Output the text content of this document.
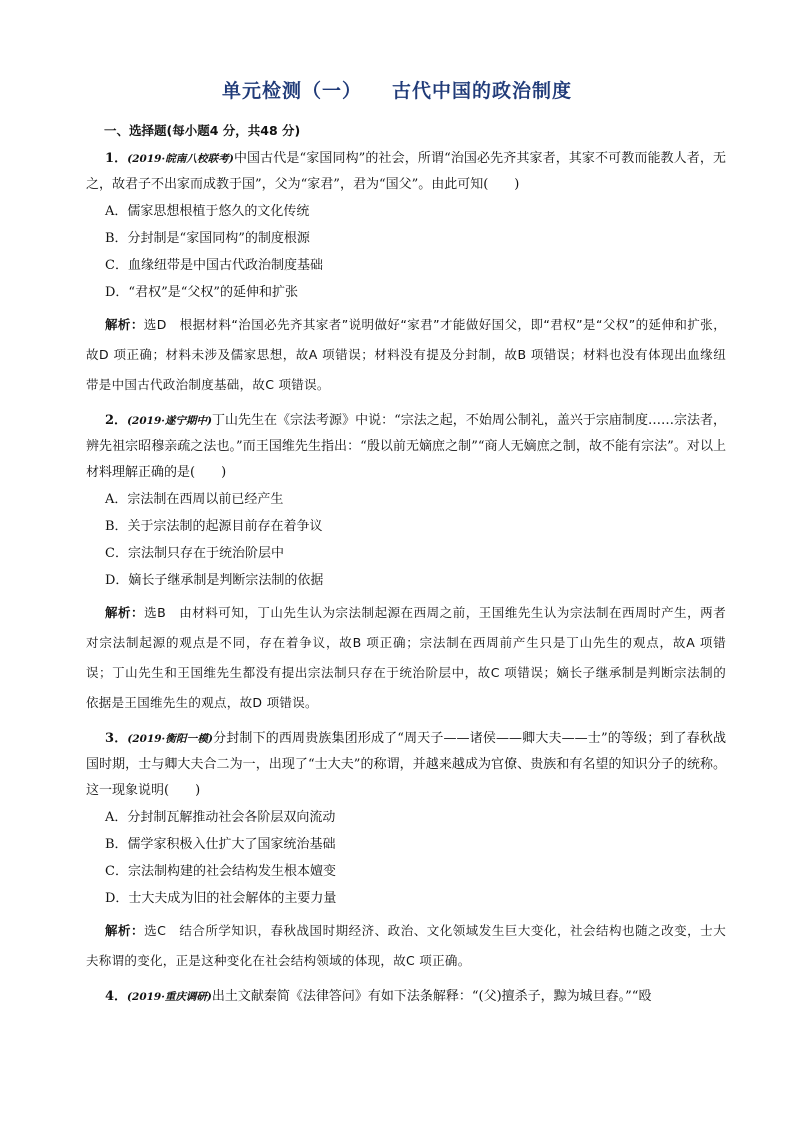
单元检测（一） 古代中国的政治制度
一、选择题(每小题4 分，共48 分)

1．(2019·皖南八校联考)中国古代是“家国同构”的社会，所谓“治国必先齐其家者，其家不可教而能教人者，无之，故君子不出家而成教于国”，父为“家君”，君为“国父”。由此可知(　　)

A．儒家思想根植于悠久的文化传统

B．分封制是“家国同构”的制度根源

C．血缘纽带是中国古代政治制度基础

D．“君权”是“父权”的延伸和扩张

解析：选D　根据材料“治国必先齐其家者”说明做好“家君”才能做好国父，即“君权”是“父权”的延伸和扩张，故D 项正确；材料未涉及儒家思想，故A 项错误；材料没有提及分封制，故B 项错误；材料也没有体现出血缘纽带是中国古代政治制度基础，故C 项错误。

2．(2019·遂宁期中)丁山先生在《宗法考源》中说：“宗法之起，不始周公制礼，盖兴于宗庙制度……宗法者，辨先祖宗昭穆亲疏之法也。”而王国维先生指出：“殷以前无嫡庶之制”“商人无嫡庶之制，故不能有宗法”。对以上材料理解正确的是(　　)

A．宗法制在西周以前已经产生

B．关于宗法制的起源目前存在着争议

C．宗法制只存在于统治阶层中

D．嫡长子继承制是判断宗法制的依据

解析：选B　由材料可知，丁山先生认为宗法制起源在西周之前，王国维先生认为宗法制在西周时产生，两者对宗法制起源的观点是不同，存在着争议，故B 项正确；宗法制在西周前产生只是丁山先生的观点，故A 项错误；丁山先生和王国维先生都没有提出宗法制只存在于统治阶层中，故C 项错误；嫡长子继承制是判断宗法制的依据是王国维先生的观点，故D 项错误。

3．(2019·衡阳一模)分封制下的西周贵族集团形成了“周天子——诸侯——卿大夫——士”的等级；到了春秋战国时期，士与卿大夫合二为一，出现了“士大夫”的称谓，并越来越成为官僚、贵族和有名望的知识分子的统称。这一现象说明(　　)

A．分封制瓦解推动社会各阶层双向流动

B．儒学家积极入仕扩大了国家统治基础

C．宗法制构建的社会结构发生根本嬗变

D．士大夫成为旧的社会解体的主要力量

解析：选C　结合所学知识，春秋战国时期经济、政治、文化领域发生巨大变化，社会结构也随之改变，士大夫称谓的变化，正是这种变化在社会结构领域的体现，故C 项正确。

4．(2019·重庆调研)出土文献秦简《法律答问》有如下法条解释：“(父)擅杀子，黥为城旦舂。”“殴
